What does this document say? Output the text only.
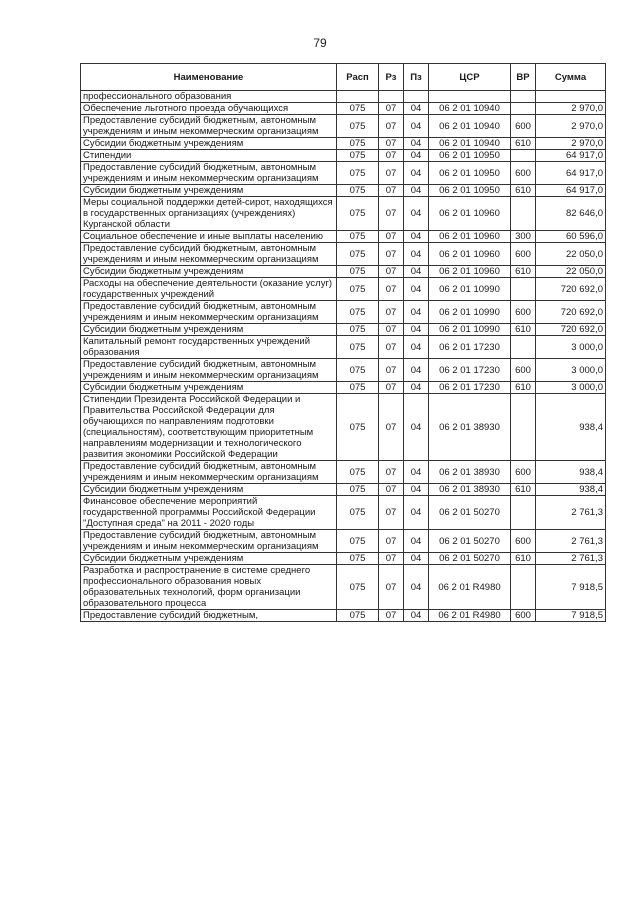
79
Наименование	Расп	Рз	Пз	ЦСР	ВР	Сумма
профессионального образования						
Обеспечение льготного проезда обучающихся	075	07	04	06 2 01 10940		2 970,0
Предоставление субсидий бюджетным, автономным учреждениям и иным некоммерческим организациям	075	07	04	06 2 01 10940	600	2 970,0
Субсидии бюджетным учреждениям	075	07	04	06 2 01 10940	610	2 970,0
Стипендии	075	07	04	06 2 01 10950		64 917,0
Предоставление субсидий бюджетным, автономным учреждениям и иным некоммерческим организациям	075	07	04	06 2 01 10950	600	64 917,0
Субсидии бюджетным учреждениям	075	07	04	06 2 01 10950	610	64 917,0
Меры социальной поддержки детей-сирот, находящихся в государственных организациях (учреждениях) Курганской области	075	07	04	06 2 01 10960		82 646,0
Социальное обеспечение и иные выплаты населению	075	07	04	06 2 01 10960	300	60 596,0
Предоставление субсидий бюджетным, автономным учреждениям и иным некоммерческим организациям	075	07	04	06 2 01 10960	600	22 050,0
Субсидии бюджетным учреждениям	075	07	04	06 2 01 10960	610	22 050,0
Расходы на обеспечение деятельности (оказание услуг) государственных учреждений	075	07	04	06 2 01 10990		720 692,0
Предоставление субсидий бюджетным, автономным учреждениям и иным некоммерческим организациям	075	07	04	06 2 01 10990	600	720 692,0
Субсидии бюджетным учреждениям	075	07	04	06 2 01 10990	610	720 692,0
Капитальный ремонт государственных учреждений образования	075	07	04	06 2 01 17230		3 000,0
Предоставление субсидий бюджетным, автономным учреждениям и иным некоммерческим организациям	075	07	04	06 2 01 17230	600	3 000,0
Субсидии бюджетным учреждениям	075	07	04	06 2 01 17230	610	3 000,0
Стипендии Президента Российской Федерации и Правительства Российской Федерации для обучающихся по направлениям подготовки (специальностям), соответствующим приоритетным направлениям модернизации и технологического развития экономики Российской Федерации	075	07	04	06 2 01 38930		938,4
Предоставление субсидий бюджетным, автономным учреждениям и иным некоммерческим организациям	075	07	04	06 2 01 38930	600	938,4
Субсидии бюджетным учреждениям	075	07	04	06 2 01 38930	610	938,4
Финансовое обеспечение мероприятий государственной программы Российской Федерации "Доступная среда" на 2011 - 2020 годы	075	07	04	06 2 01 50270		2 761,3
Предоставление субсидий бюджетным, автономным учреждениям и иным некоммерческим организациям	075	07	04	06 2 01 50270	600	2 761,3
Субсидии бюджетным учреждениям	075	07	04	06 2 01 50270	610	2 761,3
Разработка и распространение в системе среднего профессионального образования новых образовательных технологий, форм организации образовательного процесса	075	07	04	06 2 01 R4980		7 918,5
Предоставление субсидий бюджетным,	075	07	04	06 2 01 R4980	600	7 918,5
